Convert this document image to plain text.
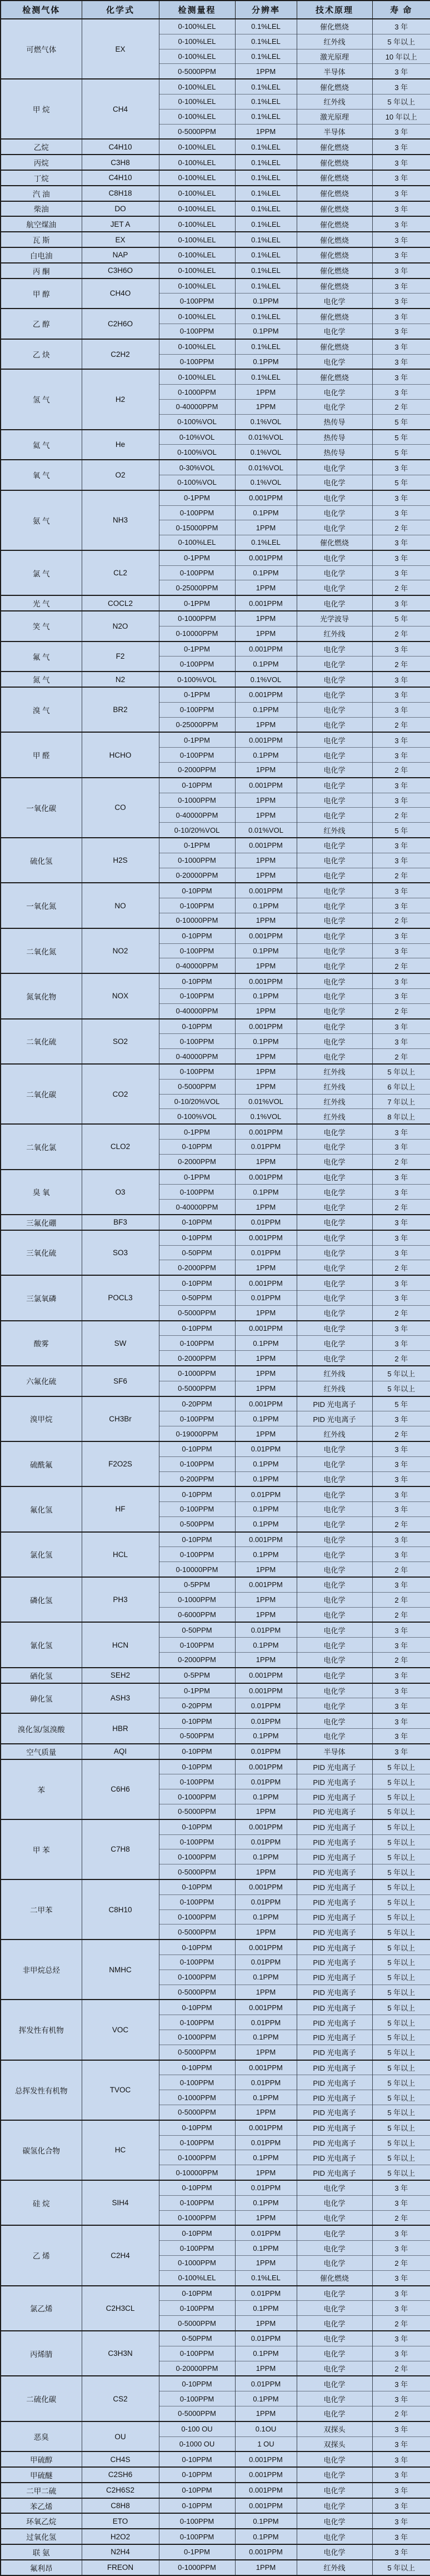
检测气体	化学式	检测量程	分辨率	技术原理	寿 命
可燃气体	EX	0-100%LEL	0.1%LEL	催化燃烧	3 年
		0-100%LEL	0.1%LEL	红外线	5 年以上
		0-100%LEL	0.1%LEL	激光原理	10 年以上
		0-5000PPM	1PPM	半导体	3 年
甲 烷	CH4	0-100%LEL	0.1%LEL	催化燃烧	3 年
		0-100%LEL	0.1%LEL	红外线	5 年以上
		0-100%LEL	0.1%LEL	激光原理	10 年以上
		0-5000PPM	1PPM	半导体	3 年
乙烷	C4H10	0-100%LEL	0.1%LEL	催化燃烧	3 年
丙烷	C3H8	0-100%LEL	0.1%LEL	催化燃烧	3 年
丁烷	C4H10	0-100%LEL	0.1%LEL	催化燃烧	3 年
汽 油	C8H18	0-100%LEL	0.1%LEL	催化燃烧	3 年
柴油	DO	0-100%LEL	0.1%LEL	催化燃烧	3 年
航空煤油	JET A	0-100%LEL	0.1%LEL	催化燃烧	3 年
瓦 斯	EX	0-100%LEL	0.1%LEL	催化燃烧	3 年
白电油	NAP	0-100%LEL	0.1%LEL	催化燃烧	3 年
丙 酮	C3H6O	0-100%LEL	0.1%LEL	催化燃烧	3 年
甲 醇	CH4O	0-100%LEL	0.1%LEL	催化燃烧	3 年
		0-100PPM	0.1PPM	电化学	3 年
乙 醇	C2H6O	0-100%LEL	0.1%LEL	催化燃烧	3 年
		0-100PPM	0.1PPM	电化学	3 年
乙 炔	C2H2	0-100%LEL	0.1%LEL	催化燃烧	3 年
		0-100PPM	0.1PPM	电化学	3 年
氢 气	H2	0-100%LEL	0.1%LEL	催化燃烧	3 年
		0-1000PPM	1PPM	电化学	3 年
		0-40000PPM	1PPM	电化学	2 年
		0-100%VOL	0.1%VOL	热传导	5 年
氦 气	He	0-10%VOL	0.01%VOL	热传导	5 年
		0-100%VOL	0.1%VOL	热传导	5 年
氧 气	O2	0-30%VOL	0.01%VOL	电化学	3 年
		0-100%VOL	0.1%VOL	电化学	5 年
氨 气	NH3	0-1PPM	0.001PPM	电化学	3 年
		0-100PPM	0.1PPM	电化学	3 年
		0-15000PPM	1PPM	电化学	2 年
		0-100%LEL	0.1%LEL	催化燃烧	3 年
氯 气	CL2	0-1PPM	0.001PPM	电化学	3 年
		0-100PPM	0.1PPM	电化学	3 年
		0-25000PPM	1PPM	电化学	2 年
光 气	COCL2	0-1PPM	0.001PPM	电化学	3 年
笑 气	N2O	0-1000PPM	1PPM	光学波导	5 年
		0-10000PPM	1PPM	红外线	2 年
氟 气	F2	0-1PPM	0.001PPM	电化学	3 年
		0-100PPM	0.1PPM	电化学	2 年
氮 气	N2	0-100%VOL	0.1%VOL	电化学	3 年
溴 气	BR2	0-1PPM	0.001PPM	电化学	3 年
		0-100PPM	0.1PPM	电化学	3 年
		0-25000PPM	1PPM	电化学	2 年
甲 醛	HCHO	0-1PPM	0.001PPM	电化学	3 年
		0-100PPM	0.1PPM	电化学	3 年
		0-2000PPM	1PPM	电化学	2 年
一氧化碳	CO	0-10PPM	0.001PPM	电化学	3 年
		0-1000PPM	1PPM	电化学	3 年
		0-40000PPM	1PPM	电化学	2 年
		0-10/20%VOL	0.01%VOL	红外线	5 年
硫化氢	H2S	0-1PPM	0.001PPM	电化学	3 年
		0-1000PPM	1PPM	电化学	3 年
		0-20000PPM	1PPM	电化学	2 年
一氧化氮	NO	0-10PPM	0.001PPM	电化学	3 年
		0-100PPM	0.1PPM	电化学	3 年
		0-10000PPM	1PPM	电化学	2 年
二氧化氮	NO2	0-10PPM	0.001PPM	电化学	3 年
		0-100PPM	0.1PPM	电化学	3 年
		0-40000PPM	1PPM	电化学	2 年
氮氧化物	NOX	0-10PPM	0.001PPM	电化学	3 年
		0-100PPM	0.1PPM	电化学	3 年
		0-40000PPM	1PPM	电化学	2 年
二氧化硫	SO2	0-10PPM	0.001PPM	电化学	3 年
		0-100PPM	0.1PPM	电化学	3 年
		0-40000PPM	1PPM	电化学	2 年
二氧化碳	CO2	0-100PPM	1PPM	红外线	5 年以上
		0-5000PPM	1PPM	红外线	6 年以上
		0-10/20%VOL	0.01%VOL	红外线	7 年以上
		0-100%VOL	0.1%VOL	红外线	8 年以上
二氧化氯	CLO2	0-1PPM	0.001PPM	电化学	3 年
		0-10PPM	0.01PPM	电化学	3 年
		0-2000PPM	1PPM	电化学	2 年
臭 氧	O3	0-1PPM	0.001PPM	电化学	3 年
		0-100PPM	0.1PPM	电化学	3 年
		0-40000PPM	1PPM	电化学	2 年
三氟化硼	BF3	0-10PPM	0.01PPM	电化学	3 年
三氧化硫	SO3	0-10PPM	0.001PPM	电化学	3 年
		0-50PPM	0.01PPM	电化学	3 年
		0-2000PPM	1PPM	电化学	2 年
三氯氧磷	POCL3	0-10PPM	0.001PPM	电化学	3 年
		0-50PPM	0.01PPM	电化学	3 年
		0-5000PPM	1PPM	电化学	2 年
酸雾	SW	0-10PPM	0.001PPM	电化学	3 年
		0-100PPM	0.1PPM	电化学	3 年
		0-2000PPM	1PPM	电化学	2 年
六氟化硫	SF6	0-1000PPM	1PPM	红外线	5 年以上
		0-5000PPM	1PPM	红外线	5 年以上
溴甲烷	CH3Br	0-20PPM	0.001PPM	PID 光电离子	5 年
		0-100PPM	0.1PPM	PID 光电离子	3 年
		0-19000PPM	1PPM	红外线	2 年
硫酰氟	F2O2S	0-10PPM	0.01PPM	电化学	3 年
		0-100PPM	0.1PPM	电化学	3 年
		0-200PPM	0.1PPM	电化学	3 年
氟化氢	HF	0-10PPM	0.01PPM	电化学	3 年
		0-100PPM	0.1PPM	电化学	3 年
		0-500PPM	0.1PPM	电化学	2 年
氯化氢	HCL	0-10PPM	0.001PPM	电化学	3 年
		0-100PPM	0.1PPM	电化学	3 年
		0-10000PPM	1PPM	电化学	2 年
磷化氢	PH3	0-5PPM	0.001PPM	电化学	3 年
		0-1000PPM	1PPM	电化学	2 年
		0-6000PPM	1PPM	电化学	2 年
氰化氢	HCN	0-50PPM	0.01PPM	电化学	3 年
		0-100PPM	0.1PPM	电化学	3 年
		0-2000PPM	1PPM	电化学	2 年
硒化氢	SEH2	0-5PPM	0.001PPM	电化学	3 年
砷化氢	ASH3	0-1PPM	0.001PPM	电化学	3 年
		0-20PPM	0.01PPM	电化学	3 年
溴化氢/氢溴酸	HBR	0-10PPM	0.01PPM	电化学	3 年
		0-500PPM	0.1PPM	电化学	3 年
空气质量	AQI	0-10PPM	0.01PPM	半导体	3 年
苯	C6H6	0-10PPM	0.001PPM	PID 光电离子	5 年以上
		0-100PPM	0.01PPM	PID 光电离子	5 年以上
		0-1000PPM	0.1PPM	PID 光电离子	5 年以上
		0-5000PPM	1PPM	PID 光电离子	5 年以上
甲 苯	C7H8	0-10PPM	0.001PPM	PID 光电离子	5 年以上
		0-100PPM	0.01PPM	PID 光电离子	5 年以上
		0-1000PPM	0.1PPM	PID 光电离子	5 年以上
		0-5000PPM	1PPM	PID 光电离子	5 年以上
二甲苯	C8H10	0-10PPM	0.001PPM	PID 光电离子	5 年以上
		0-100PPM	0.01PPM	PID 光电离子	5 年以上
		0-1000PPM	0.1PPM	PID 光电离子	5 年以上
		0-5000PPM	1PPM	PID 光电离子	5 年以上
非甲烷总烃	NMHC	0-10PPM	0.001PPM	PID 光电离子	5 年以上
		0-100PPM	0.01PPM	PID 光电离子	5 年以上
		0-1000PPM	0.1PPM	PID 光电离子	5 年以上
		0-5000PPM	1PPM	PID 光电离子	5 年以上
挥发性有机物	VOC	0-10PPM	0.001PPM	PID 光电离子	5 年以上
		0-100PPM	0.01PPM	PID 光电离子	5 年以上
		0-1000PPM	0.1PPM	PID 光电离子	5 年以上
		0-5000PPM	1PPM	PID 光电离子	5 年以上
总挥发性有机物	TVOC	0-10PPM	0.001PPM	PID 光电离子	5 年以上
		0-100PPM	0.01PPM	PID 光电离子	5 年以上
		0-1000PPM	0.1PPM	PID 光电离子	5 年以上
		0-5000PPM	1PPM	PID 光电离子	5 年以上
碳氢化合物	HC	0-10PPM	0.001PPM	PID 光电离子	5 年以上
		0-100PPM	0.01PPM	PID 光电离子	5 年以上
		0-1000PPM	0.1PPM	PID 光电离子	5 年以上
		0-10000PPM	1PPM	PID 光电离子	5 年以上
硅 烷	SIH4	0-10PPM	0.01PPM	电化学	3 年
		0-100PPM	0.1PPM	电化学	3 年
		0-1000PPM	1PPM	电化学	2 年
乙 烯	C2H4	0-10PPM	0.01PPM	电化学	3 年
		0-100PPM	0.1PPM	电化学	3 年
		0-1000PPM	1PPM	电化学	2 年
		0-100%LEL	0.1%LEL	催化燃烧	3 年
氯乙烯	C2H3CL	0-10PPM	0.01PPM	电化学	3 年
		0-100PPM	0.1PPM	电化学	3 年
		0-5000PPM	1PPM	电化学	2 年
丙烯腈	C3H3N	0-50PPM	0.01PPM	电化学	3 年
		0-100PPM	0.1PPM	电化学	3 年
		0-20000PPM	1PPM	电化学	2 年
二硫化碳	CS2	0-10PPM	0.01PPM	电化学	3 年
		0-100PPM	0.1PPM	电化学	3 年
		0-5000PPM	1PPM	电化学	2 年
恶臭	OU	0-100 OU	0.1OU	双探头	3 年
		0-1000 OU	1 OU	双探头	3 年
甲硫醇	CH4S	0-10PPM	0.001PPM	电化学	3 年
甲硫醚	C2SH6	0-10PPM	0.001PPM	电化学	3 年
二甲二硫	C2H6S2	0-10PPM	0.001PPM	电化学	3 年
苯乙烯	C8H8	0-10PPM	0.001PPM	电化学	3 年
环氧乙烷	ETO	0-100PPM	0.1PPM	电化学	3 年
过氧化氢	H2O2	0-100PPM	0.1PPM	电化学	3 年
联 氨	N2H4	0-1PPM	0.001PPM	电化学	3 年
氟利昂	FREON	0-1000PPM	1PPM	红外线	5 年以上
